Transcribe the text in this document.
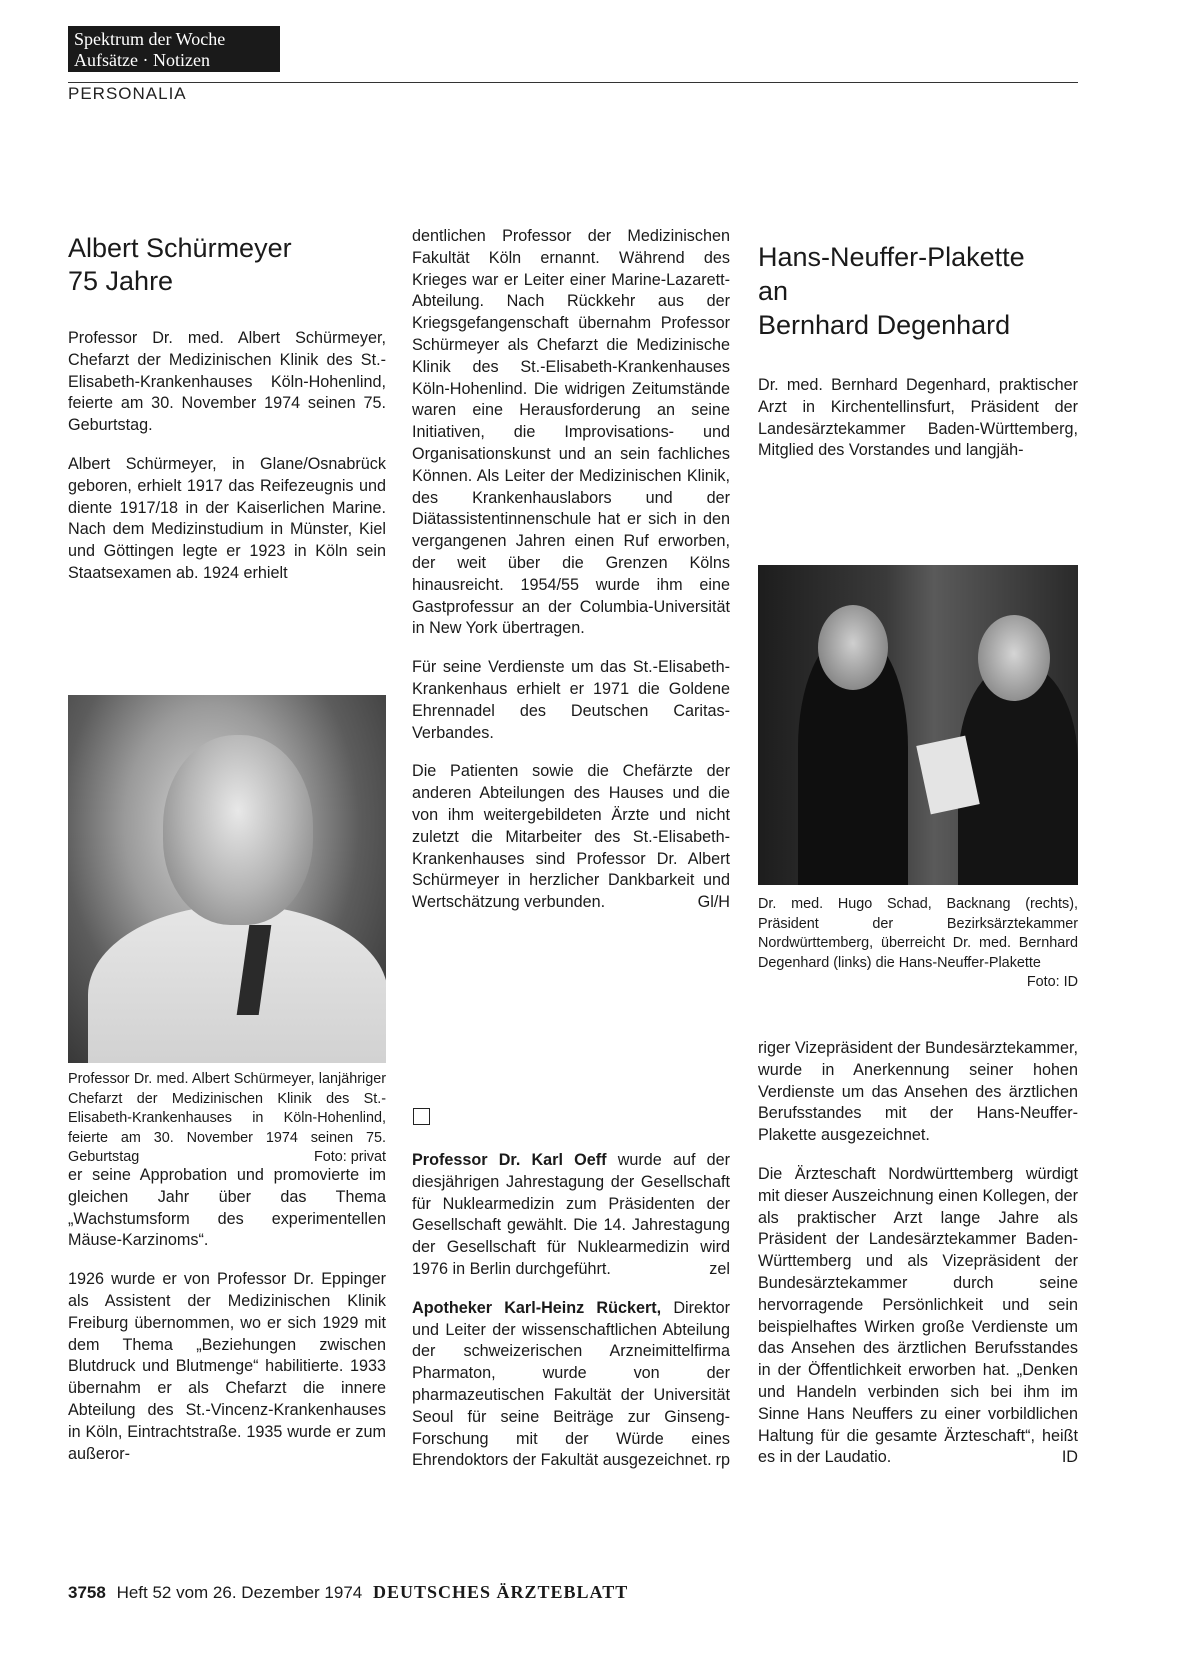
Spektrum der Woche
Aufsätze · Notizen
PERSONALIA
Albert Schürmeyer
75 Jahre

Professor Dr. med. Albert Schürmeyer, Chefarzt der Medizinischen Klinik des St.-Elisabeth-Krankenhauses Köln-Hohenlind, feierte am 30. November 1974 seinen 75. Geburtstag.

Albert Schürmeyer, in Glane/Osnabrück geboren, erhielt 1917 das Reifezeugnis und diente 1917/18 in der Kaiserlichen Marine. Nach dem Medizinstudium in Münster, Kiel und Göttingen legte er 1923 in Köln sein Staatsexamen ab. 1924 erhielt

Professor Dr. med. Albert Schürmeyer, lanjähriger Chefarzt der Medizinischen Klinik des St.-Elisabeth-Krankenhauses in Köln-Hohenlind, feierte am 30. November 1974 seinen 75. Geburtstag	Foto: privat

er seine Approbation und promovierte im gleichen Jahr über das Thema „Wachstumsform des experimentellen Mäuse-Karzinoms“.

1926 wurde er von Professor Dr. Eppinger als Assistent der Medizinischen Klinik Freiburg übernommen, wo er sich 1929 mit dem Thema „Beziehungen zwischen Blutdruck und Blutmenge“ habilitierte. 1933 übernahm er als Chefarzt die innere Abteilung des St.-Vincenz-Krankenhauses in Köln, Eintrachtstraße. 1935 wurde er zum außeror-

dentlichen Professor der Medizinischen Fakultät Köln ernannt. Während des Krieges war er Leiter einer Marine-Lazarett-Abteilung. Nach Rückkehr aus der Kriegsgefangenschaft übernahm Professor Schürmeyer als Chefarzt die Medizinische Klinik des St.-Elisabeth-Krankenhauses Köln-Hohenlind. Die widrigen Zeitumstände waren eine Herausforderung an seine Initiativen, die Improvisations- und Organisationskunst und an sein fachliches Können. Als Leiter der Medizinischen Klinik, des Krankenhauslabors und der Diätassistentinnenschule hat er sich in den vergangenen Jahren einen Ruf erworben, der weit über die Grenzen Kölns hinausreicht. 1954/55 wurde ihm eine Gastprofessur an der Columbia-Universität in New York übertragen.

Für seine Verdienste um das St.-Elisabeth-Krankenhaus erhielt er 1971 die Goldene Ehrennadel des Deutschen Caritas-Verbandes.

Die Patienten sowie die Chefärzte der anderen Abteilungen des Hauses und die von ihm weitergebildeten Ärzte und nicht zuletzt die Mitarbeiter des St.-Elisabeth-Krankenhauses sind Professor Dr. Albert Schürmeyer in herzlicher Dankbarkeit und Wertschätzung verbunden.	Gl/H

Professor Dr. Karl Oeff wurde auf der diesjährigen Jahrestagung der Gesellschaft für Nuklearmedizin zum Präsidenten der Gesellschaft gewählt. Die 14. Jahrestagung der Gesellschaft für Nuklearmedizin wird 1976 in Berlin durchgeführt.	zel

Apotheker Karl-Heinz Rückert, Direktor und Leiter der wissenschaftlichen Abteilung der schweizerischen Arzneimittelfirma Pharmaton, wurde von der pharmazeutischen Fakultät der Universität Seoul für seine Beiträge zur Ginseng-Forschung mit der Würde eines Ehrendoktors der Fakultät ausgezeichnet. rp

Hans-Neuffer-Plakette
an
Bernhard Degenhard

Dr. med. Bernhard Degenhard, praktischer Arzt in Kirchentellinsfurt, Präsident der Landesärztekammer Baden-Württemberg, Mitglied des Vorstandes und langjäh-

Dr. med. Hugo Schad, Backnang (rechts), Präsident der Bezirksärztekammer Nordwürttemberg, überreicht Dr. med. Bernhard Degenhard (links) die Hans-Neuffer-Plakette
Foto: ID

riger Vizepräsident der Bundesärztekammer, wurde in Anerkennung seiner hohen Verdienste um das Ansehen des ärztlichen Berufsstandes mit der Hans-Neuffer-Plakette ausgezeichnet.

Die Ärzteschaft Nordwürttemberg würdigt mit dieser Auszeichnung einen Kollegen, der als praktischer Arzt lange Jahre als Präsident der Landesärztekammer Baden-Württemberg und als Vizepräsident der Bundesärztekammer durch seine hervorragende Persönlichkeit und sein beispielhaftes Wirken große Verdienste um das Ansehen des ärztlichen Berufsstandes in der Öffentlichkeit erworben hat. „Denken und Handeln verbinden sich bei ihm im Sinne Hans Neuffers zu einer vorbildlichen Haltung für die gesamte Ärzteschaft“, heißt es in der Laudatio.	ID

3758 Heft 52 vom 26. Dezember 1974 DEUTSCHES ÄRZTEBLATT
